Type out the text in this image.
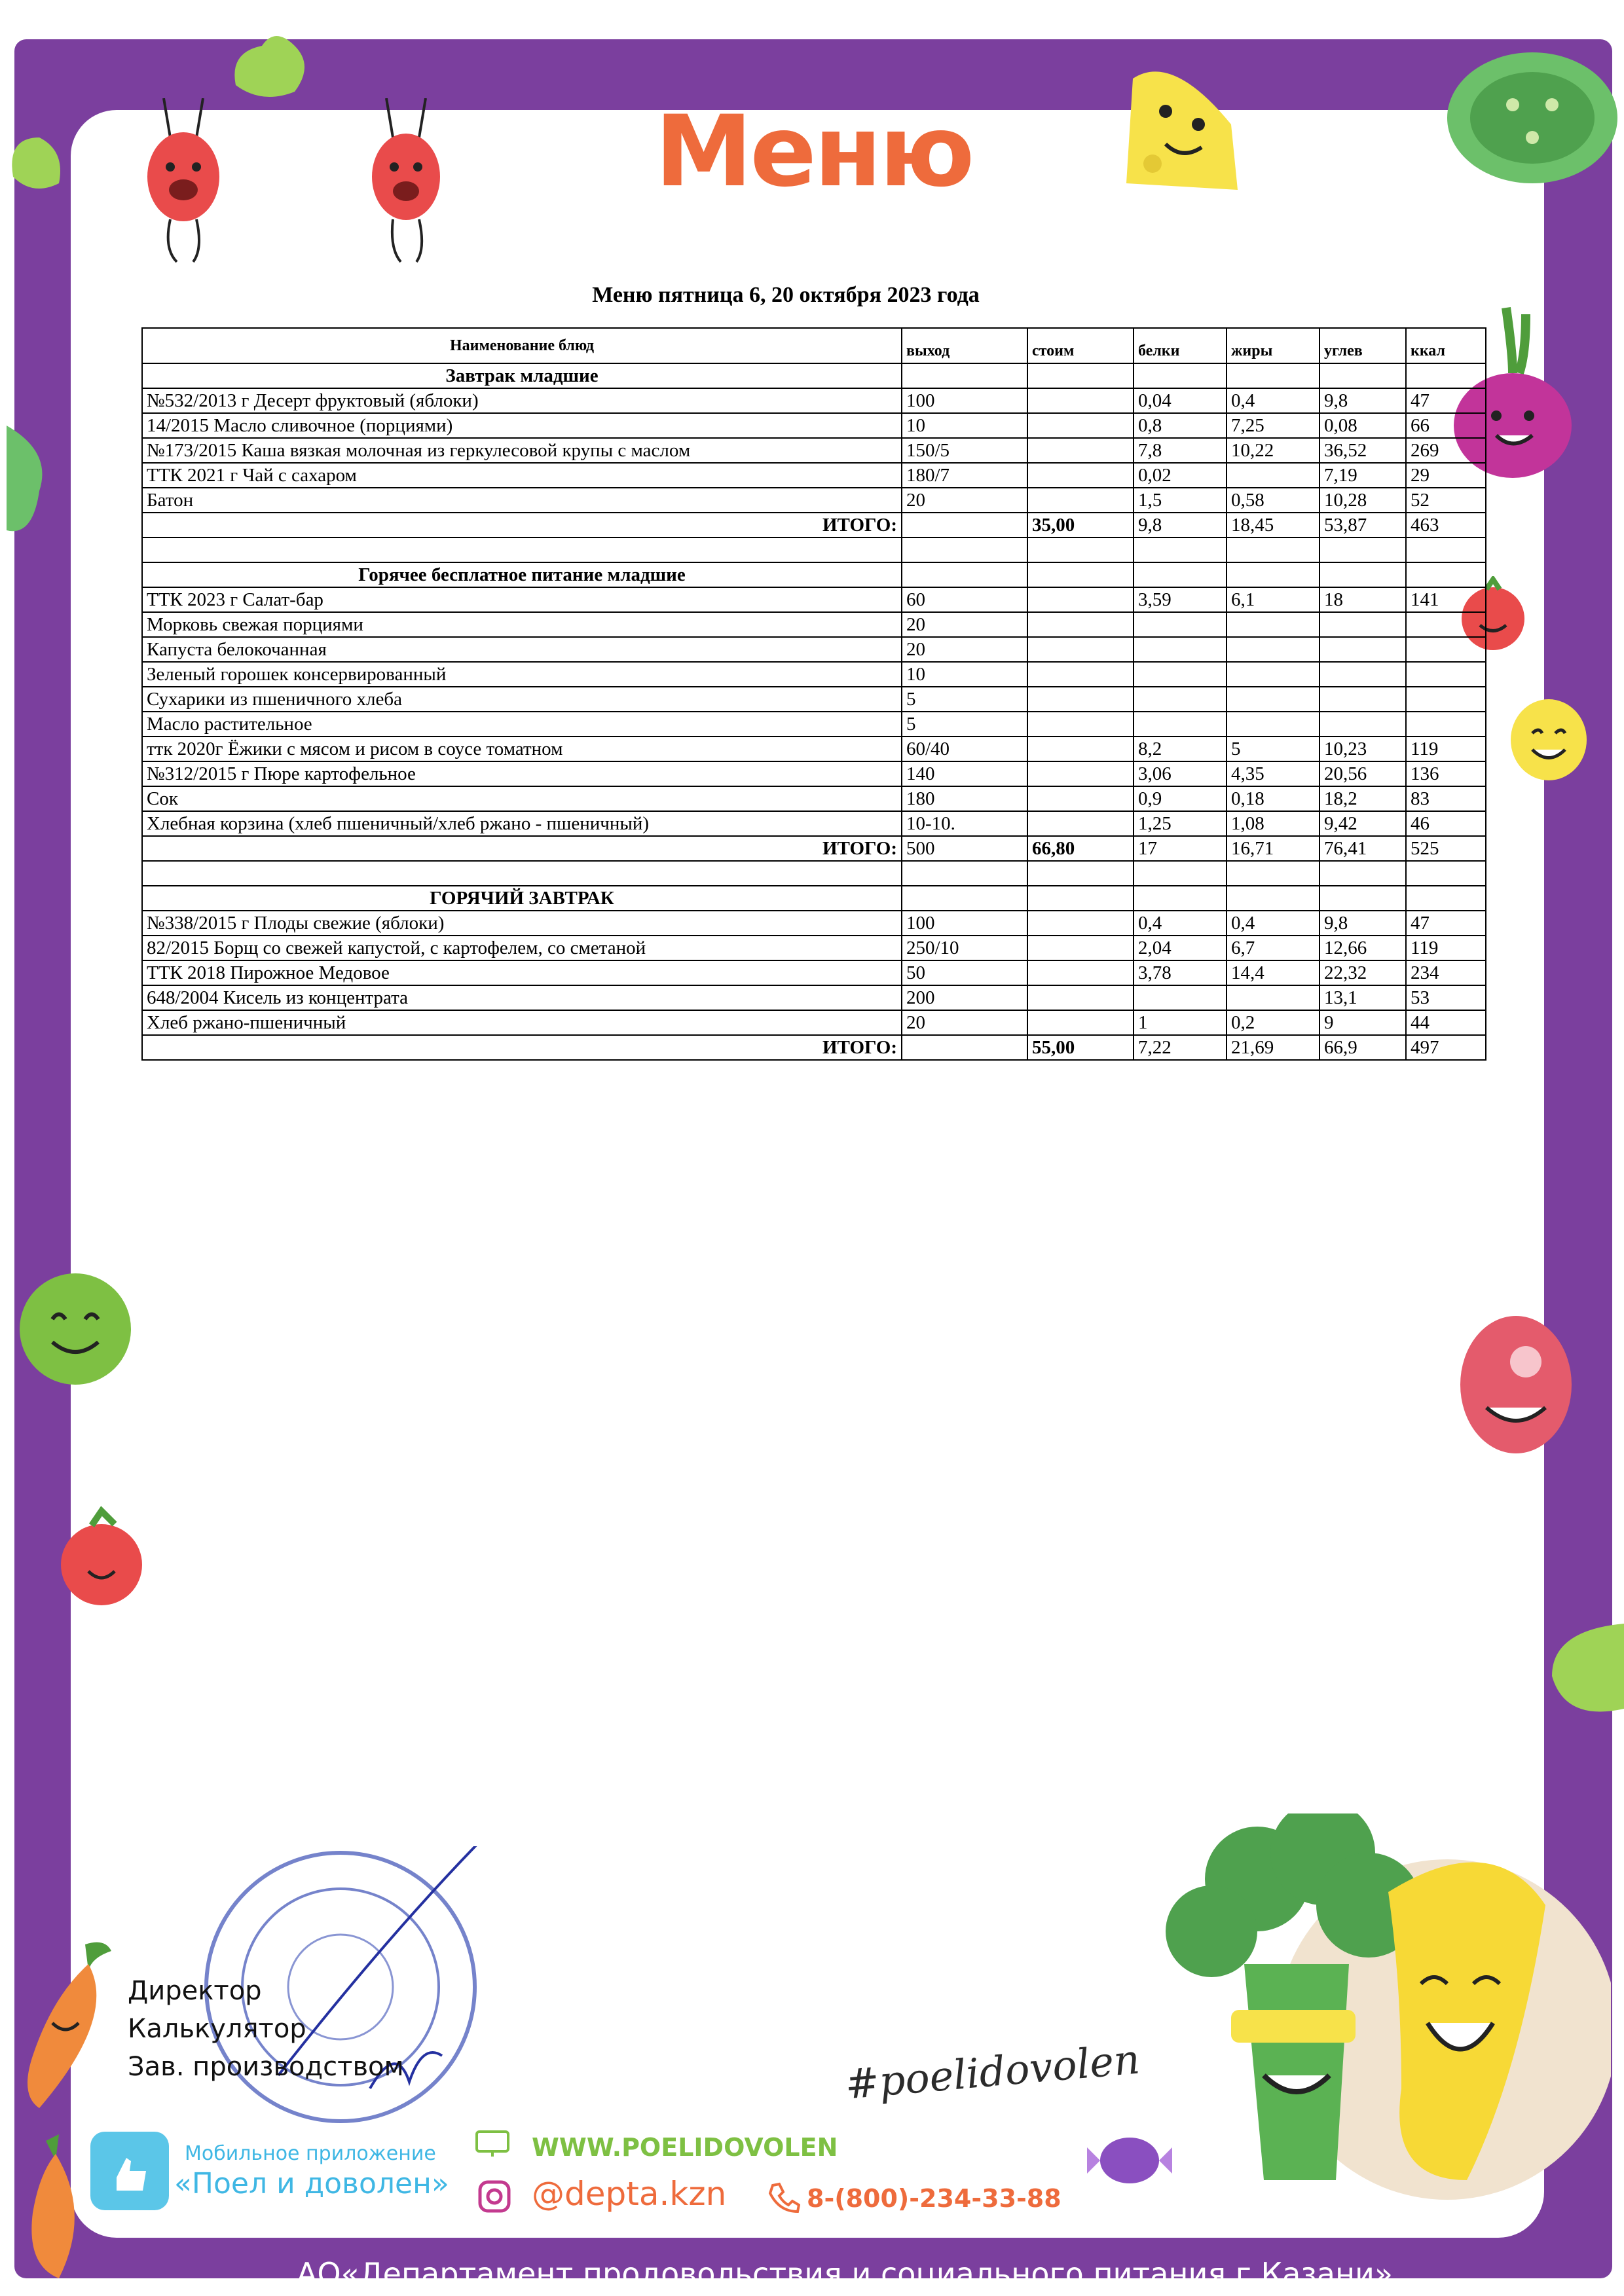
Меню

Меню пятница 6, 20 октября 2023 года

Наименование блюд	выход	стоим	белки	жиры	углев	ккал
Завтрак младшие						
№532/2013 г Десерт фруктовый (яблоки)	100		0,04	0,4	9,8	47
14/2015 Масло сливочное (порциями)	10		0,8	7,25	0,08	66
№173/2015 Каша вязкая молочная из геркулесовой крупы с маслом	150/5		7,8	10,22	36,52	269
ТТК 2021 г Чай с сахаром	180/7		0,02		7,19	29
Батон	20		1,5	0,58	10,28	52
ИТОГО:		35,00	9,8	18,45	53,87	463

Горячее бесплатное питание младшие						
ТТК 2023 г Салат-бар	60		3,59	6,1	18	141
Морковь свежая порциями	20					
Капуста белокочанная	20					
Зеленый горошек консервированный	10					
Сухарики из пшеничного хлеба	5					
Масло растительное	5					
ттк 2020г Ёжики с мясом и рисом в соусе томатном	60/40		8,2	5	10,23	119
№312/2015 г Пюре картофельное	140		3,06	4,35	20,56	136
Сок	180		0,9	0,18	18,2	83
Хлебная корзина (хлеб пшеничный/хлеб ржано - пшеничный)	10-10.		1,25	1,08	9,42	46
ИТОГО:	500	66,80	17	16,71	76,41	525

ГОРЯЧИЙ ЗАВТРАК						
№338/2015 г Плоды свежие (яблоки)	100		0,4	0,4	9,8	47
82/2015 Борщ со свежей капустой, с картофелем, со сметаной	250/10		2,04	6,7	12,66	119
ТТК 2018 Пирожное Медовое	50		3,78	14,4	22,32	234
648/2004 Кисель из концентрата	200				13,1	53
Хлеб ржано-пшеничный	20		1	0,2	9	44
ИТОГО:		55,00	7,22	21,69	66,9	497
Директор
Калькулятор
Зав. производством
Мобильное приложение
«Поел и доволен»
WWW.POELIDOVOLEN
@depta.kzn	8-(800)-234-33-88
#poelidovolen

АО«Департамент продовольствия и социального питания г.Казани»
